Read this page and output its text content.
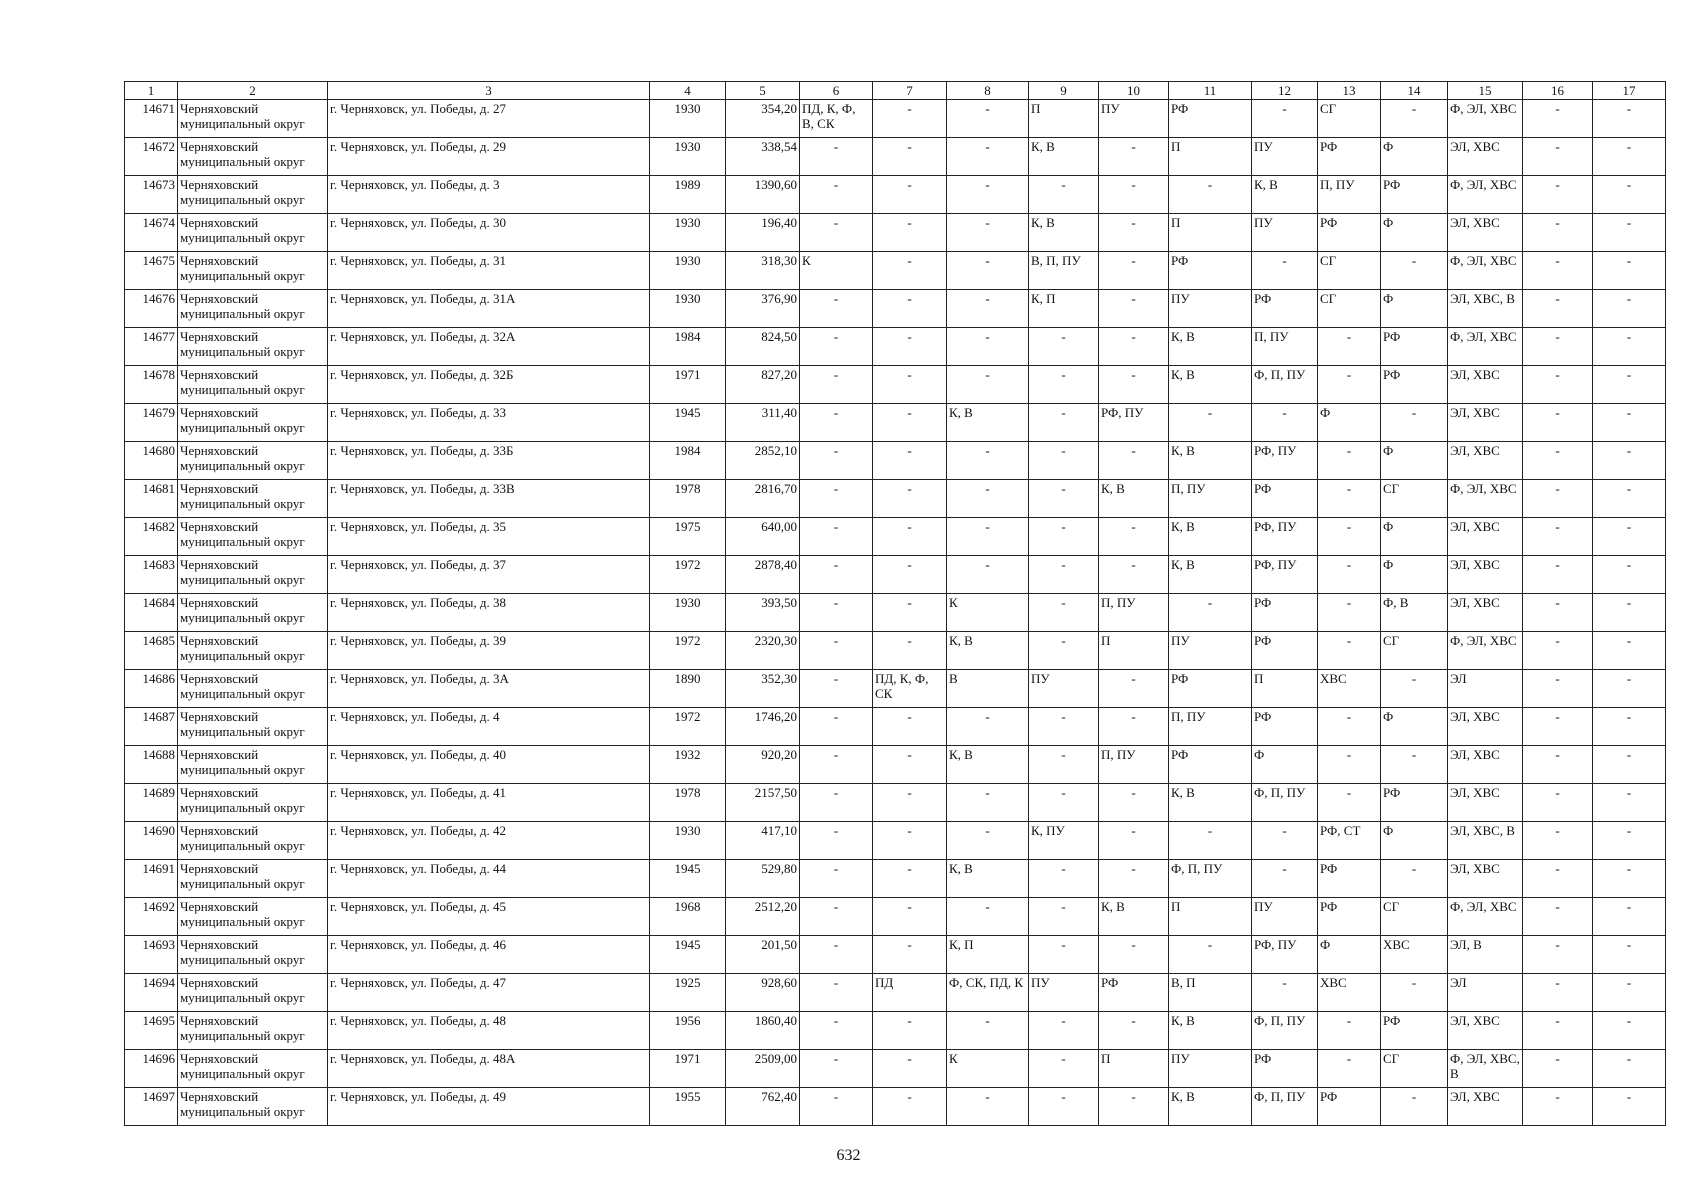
1	2	3	4	5	6	7	8	9	10	11	12	13	14	15	16	17
14671	Черняховский муниципальный округ	г. Черняховск, ул. Победы, д. 27	1930	354,20	ПД, К, Ф, В, СК	-	-	П	ПУ	РФ	-	СГ	-	Ф, ЭЛ, ХВС	-	-
14672	Черняховский муниципальный округ	г. Черняховск, ул. Победы, д. 29	1930	338,54	-	-	-	К, В	-	П	ПУ	РФ	Ф	ЭЛ, ХВС	-	-
14673	Черняховский муниципальный округ	г. Черняховск, ул. Победы, д. 3	1989	1390,60	-	-	-	-	-	-	К, В	П, ПУ	РФ	Ф, ЭЛ, ХВС	-	-
14674	Черняховский муниципальный округ	г. Черняховск, ул. Победы, д. 30	1930	196,40	-	-	-	К, В	-	П	ПУ	РФ	Ф	ЭЛ, ХВС	-	-
14675	Черняховский муниципальный округ	г. Черняховск, ул. Победы, д. 31	1930	318,30	К	-	-	В, П, ПУ	-	РФ	-	СГ	-	Ф, ЭЛ, ХВС	-	-
14676	Черняховский муниципальный округ	г. Черняховск, ул. Победы, д. 31А	1930	376,90	-	-	-	К, П	-	ПУ	РФ	СГ	Ф	ЭЛ, ХВС, В	-	-
14677	Черняховский муниципальный округ	г. Черняховск, ул. Победы, д. 32А	1984	824,50	-	-	-	-	-	К, В	П, ПУ	-	РФ	Ф, ЭЛ, ХВС	-	-
14678	Черняховский муниципальный округ	г. Черняховск, ул. Победы, д. 32Б	1971	827,20	-	-	-	-	-	К, В	Ф, П, ПУ	-	РФ	ЭЛ, ХВС	-	-
14679	Черняховский муниципальный округ	г. Черняховск, ул. Победы, д. 33	1945	311,40	-	-	К, В	-	РФ, ПУ	-	-	Ф	-	ЭЛ, ХВС	-	-
14680	Черняховский муниципальный округ	г. Черняховск, ул. Победы, д. 33Б	1984	2852,10	-	-	-	-	-	К, В	РФ, ПУ	-	Ф	ЭЛ, ХВС	-	-
14681	Черняховский муниципальный округ	г. Черняховск, ул. Победы, д. 33В	1978	2816,70	-	-	-	-	К, В	П, ПУ	РФ	-	СГ	Ф, ЭЛ, ХВС	-	-
14682	Черняховский муниципальный округ	г. Черняховск, ул. Победы, д. 35	1975	640,00	-	-	-	-	-	К, В	РФ, ПУ	-	Ф	ЭЛ, ХВС	-	-
14683	Черняховский муниципальный округ	г. Черняховск, ул. Победы, д. 37	1972	2878,40	-	-	-	-	-	К, В	РФ, ПУ	-	Ф	ЭЛ, ХВС	-	-
14684	Черняховский муниципальный округ	г. Черняховск, ул. Победы, д. 38	1930	393,50	-	-	К	-	П, ПУ	-	РФ	-	Ф, В	ЭЛ, ХВС	-	-
14685	Черняховский муниципальный округ	г. Черняховск, ул. Победы, д. 39	1972	2320,30	-	-	К, В	-	П	ПУ	РФ	-	СГ	Ф, ЭЛ, ХВС	-	-
14686	Черняховский муниципальный округ	г. Черняховск, ул. Победы, д. 3А	1890	352,30	-	ПД, К, Ф, СК	В	ПУ	-	РФ	П	ХВС	-	ЭЛ	-	-
14687	Черняховский муниципальный округ	г. Черняховск, ул. Победы, д. 4	1972	1746,20	-	-	-	-	-	П, ПУ	РФ	-	Ф	ЭЛ, ХВС	-	-
14688	Черняховский муниципальный округ	г. Черняховск, ул. Победы, д. 40	1932	920,20	-	-	К, В	-	П, ПУ	РФ	Ф	-	-	ЭЛ, ХВС	-	-
14689	Черняховский муниципальный округ	г. Черняховск, ул. Победы, д. 41	1978	2157,50	-	-	-	-	-	К, В	Ф, П, ПУ	-	РФ	ЭЛ, ХВС	-	-
14690	Черняховский муниципальный округ	г. Черняховск, ул. Победы, д. 42	1930	417,10	-	-	-	К, ПУ	-	-	-	РФ, СТ	Ф	ЭЛ, ХВС, В	-	-
14691	Черняховский муниципальный округ	г. Черняховск, ул. Победы, д. 44	1945	529,80	-	-	К, В	-	-	Ф, П, ПУ	-	РФ	-	ЭЛ, ХВС	-	-
14692	Черняховский муниципальный округ	г. Черняховск, ул. Победы, д. 45	1968	2512,20	-	-	-	-	К, В	П	ПУ	РФ	СГ	Ф, ЭЛ, ХВС	-	-
14693	Черняховский муниципальный округ	г. Черняховск, ул. Победы, д. 46	1945	201,50	-	-	К, П	-	-	-	РФ, ПУ	Ф	ХВС	ЭЛ, В	-	-
14694	Черняховский муниципальный округ	г. Черняховск, ул. Победы, д. 47	1925	928,60	-	ПД	Ф, СК, ПД, К	ПУ	РФ	В, П	-	ХВС	-	ЭЛ	-	-
14695	Черняховский муниципальный округ	г. Черняховск, ул. Победы, д. 48	1956	1860,40	-	-	-	-	-	К, В	Ф, П, ПУ	-	РФ	ЭЛ, ХВС	-	-
14696	Черняховский муниципальный округ	г. Черняховск, ул. Победы, д. 48А	1971	2509,00	-	-	К	-	П	ПУ	РФ	-	СГ	Ф, ЭЛ, ХВС, В	-	-
14697	Черняховский муниципальный округ	г. Черняховск, ул. Победы, д. 49	1955	762,40	-	-	-	-	-	К, В	Ф, П, ПУ	РФ	-	ЭЛ, ХВС	-	-
632
